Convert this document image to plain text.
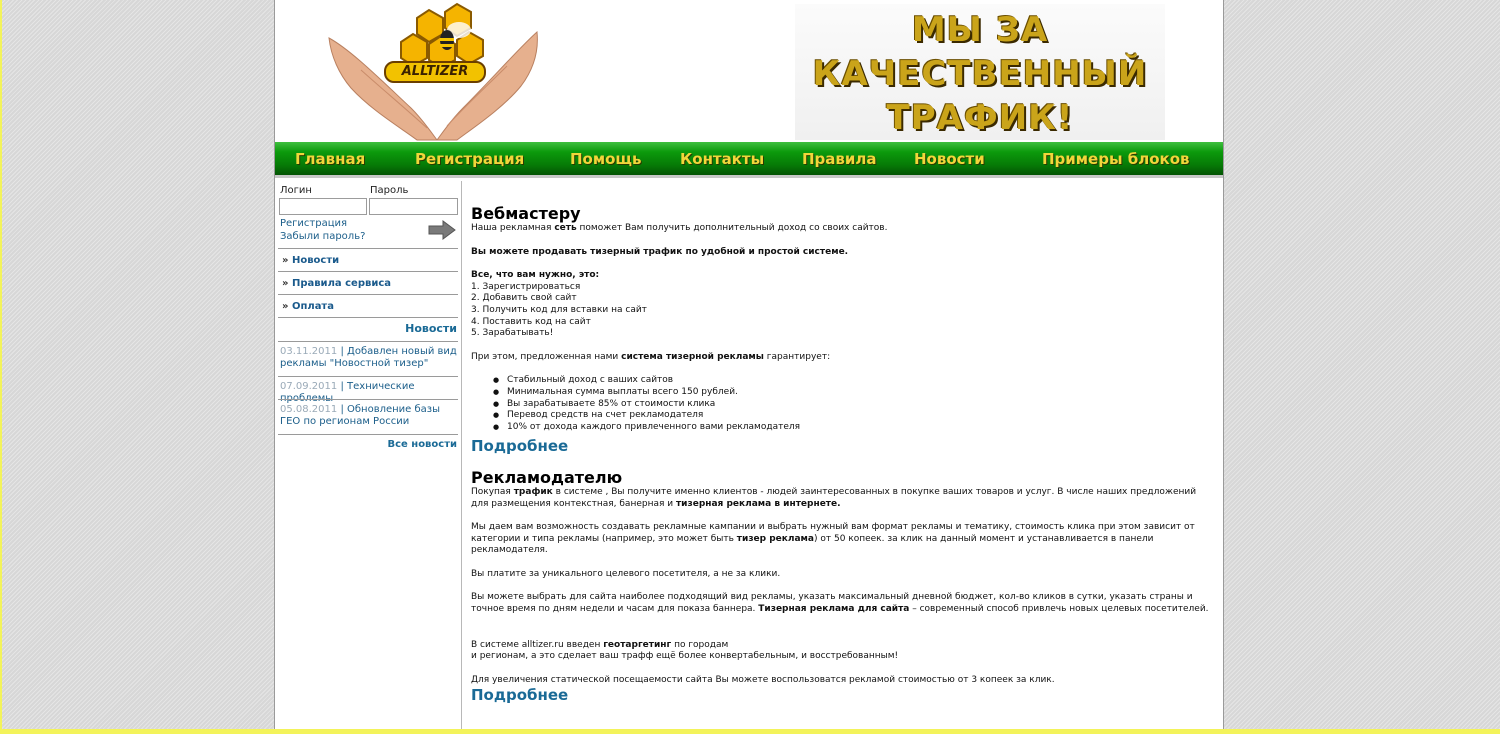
ALLTIZER
МЫ ЗА
КАЧЕСТВЕННЫЙ
ТРАФИК!
Главная	Регистрация	Помощь	Контакты	Правила Новости	Примеры блоков
Логин	Пароль
Регистрация
Забыли пароль?
» Новости
» Правила сервиса
» Оплата
Новости
03.11.2011 | Добавлен новый вид рекламы "Новостной тизер"
07.09.2011 | Технические проблемы
05.08.2011 | Обновление базы ГЕО по регионам России
Все новости
Вебмастеру

Наша рекламная сеть поможет Вам получить дополнительный доход со своих сайтов.

Вы можете продавать тизерный трафик по удобной и простой системе.

Все, что вам нужно, это:

1. Зарегистрироваться

2. Добавить свой сайт

3. Получить код для вставки на сайт

4. Поставить код на сайт

5. Зарабатывать!

При этом, предложенная нами система тизерной рекламы гарантирует:

● Стабильный доход с ваших сайтов
● Минимальная сумма выплаты всего 150 рублей.
● Вы зарабатываете 85% от стоимости клика
● Перевод средств на счет рекламодателя
● 10% от дохода каждого привлеченного вами рекламодателя
Подробнее
Рекламодателю

Покупая трафик в системе , Вы получите именно клиентов - людей заинтересованных в покупке ваших товаров и услуг. В числе наших предложений для размещения контекстная, банерная и тизерная реклама в интернете.

Мы даем вам возможность создавать рекламные кампании и выбрать нужный вам формат рекламы и тематику, стоимость клика при этом зависит от категории и типа рекламы (например, это может быть тизер реклама) от 50 копеек. за клик на данный момент и устанавливается в панели рекламодателя.

Вы платите за уникального целевого посетителя, а не за клики.

Вы можете выбрать для сайта наиболее подходящий вид рекламы, указать максимальный дневной бюджет, кол-во кликов в сутки, указать страны и точное время по дням недели и часам для показа баннера. Тизерная реклама для сайта – современный способ привлечь новых целевых посетителей.

В системе alltizer.ru введен геотаргетинг по городам
и регионам, а это сделает ваш трафф ещё более конвертабельным, и восстребованным!

Для увеличения статической посещаемости сайта Вы можете воспользоватся рекламой стоимостью от 3 копеек за клик.

Подробнее
